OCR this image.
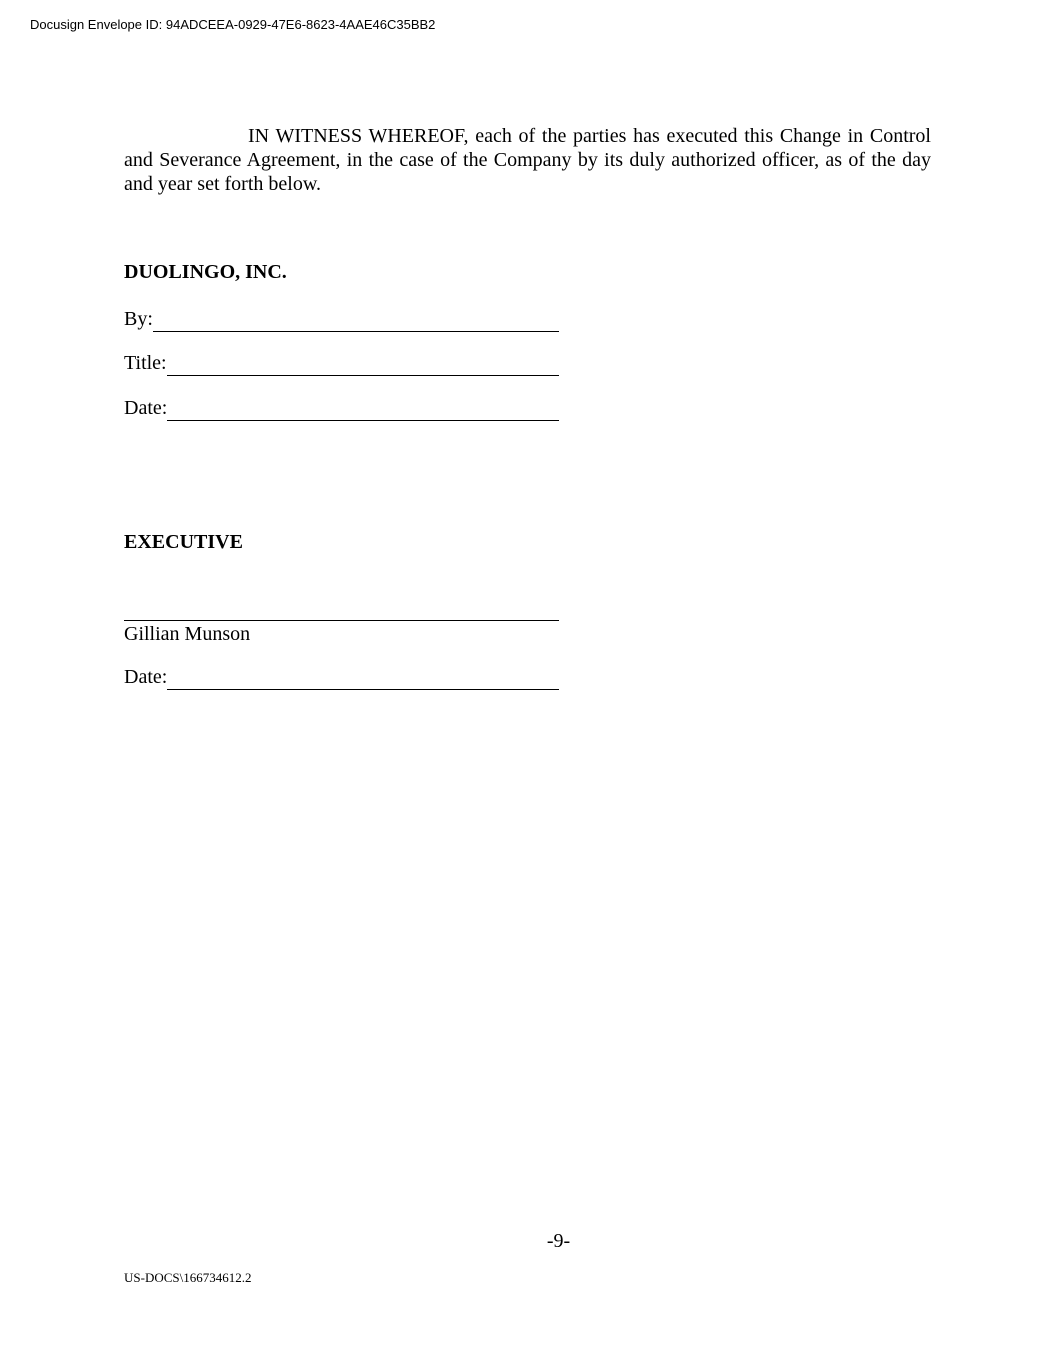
Docusign Envelope ID: 94ADCEEA-0929-47E6-8623-4AAE46C35BB2

IN WITNESS WHEREOF, each of the parties has executed this Change in Control and Severance Agreement, in the case of the Company by its duly authorized officer, as of the day and year set forth below.

DUOLINGO, INC.
By:
Title:
Date:
EXECUTIVE
Gillian Munson
Date:
-9-
US-DOCS\166734612.2
